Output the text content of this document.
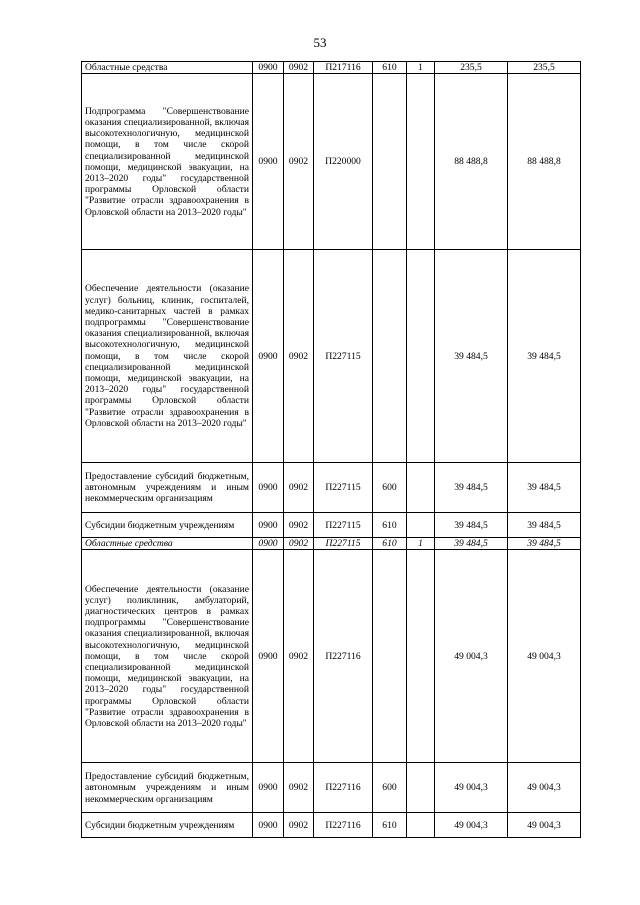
53
Областные средства	0900	0902	П217116	610	1	235,5	235,5
Подпрограмма "Совершенствование оказания специализированной, включая высокотехнологичную, медицинской помощи, в том числе скорой специализированной медицинской помощи, медицинской эвакуации, на 2013–2020 годы" государственной программы Орловской области "Развитие отрасли здравоохранения в Орловской области на 2013–2020 годы"	0900	0902	П220000			88 488,8	88 488,8
Обеспечение деятельности (оказание услуг) больниц, клиник, госпиталей, медико-санитарных частей в рамках подпрограммы "Совершенствование оказания специализированной, включая высокотехнологичную, медицинской помощи, в том числе скорой специализированной медицинской помощи, медицинской эвакуации, на 2013–2020 годы" государственной программы Орловской области "Развитие отрасли здравоохранения в Орловской области на 2013–2020 годы"	0900	0902	П227115			39 484,5	39 484,5
Предоставление субсидий бюджетным, автономным учреждениям и иным некоммерческим организациям	0900	0902	П227115	600		39 484,5	39 484,5
Субсидии бюджетным учреждениям	0900	0902	П227115	610		39 484,5	39 484,5
Областные средства	0900	0902	П227115	610	1	39 484,5	39 484,5
Обеспечение деятельности (оказание услуг) поликлиник, амбулаторий, диагностических центров в рамках подпрограммы "Совершенствование оказания специализированной, включая высокотехнологичную, медицинской помощи, в том числе скорой специализированной медицинской помощи, медицинской эвакуации, на 2013–2020 годы" государственной программы Орловской области "Развитие отрасли здравоохранения в Орловской области на 2013–2020 годы"	0900	0902	П227116			49 004,3	49 004,3
Предоставление субсидий бюджетным, автономным учреждениям и иным некоммерческим организациям	0900	0902	П227116	600		49 004,3	49 004,3
Субсидии бюджетным учреждениям	0900	0902	П227116	610		49 004,3	49 004,3
